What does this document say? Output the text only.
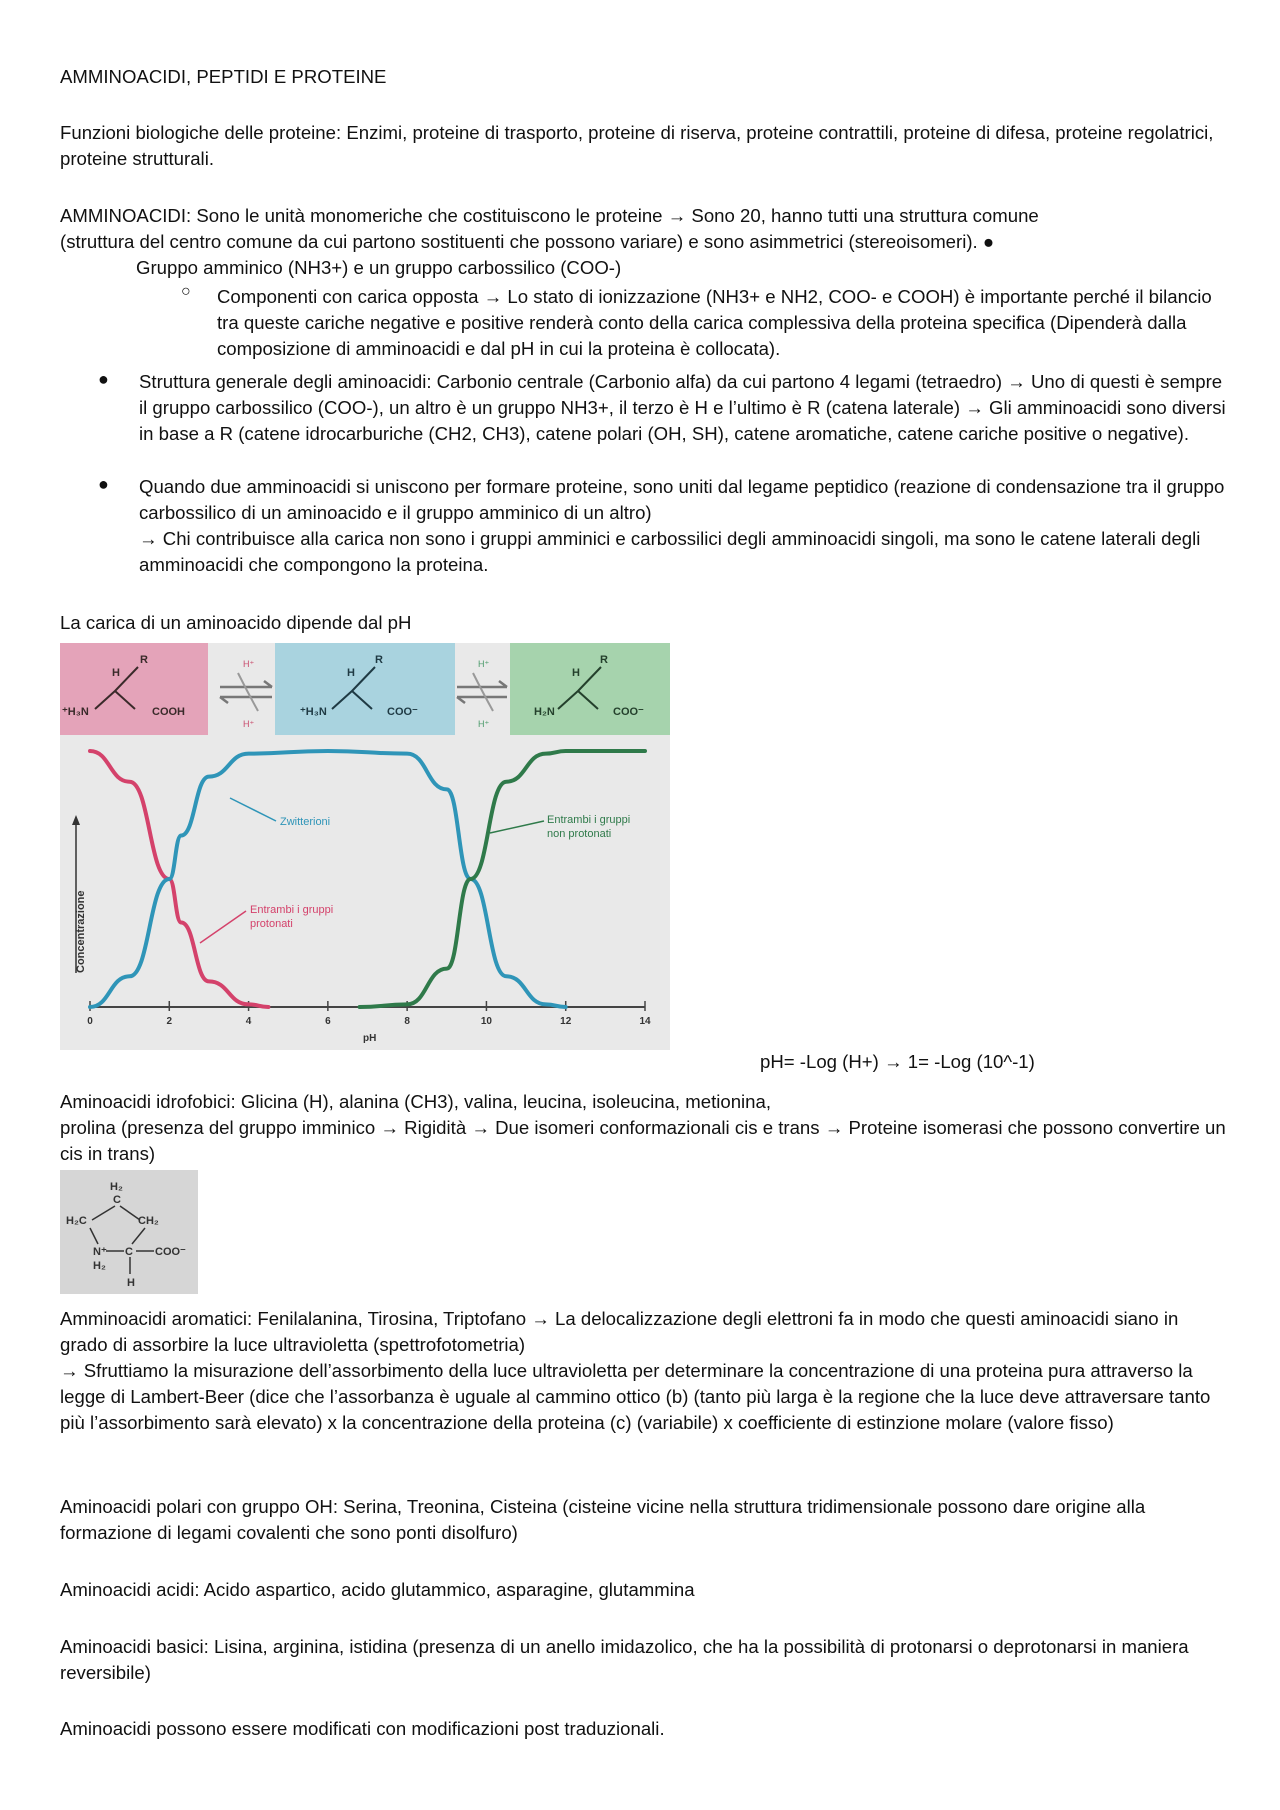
AMMINOACIDI, PEPTIDI E PROTEINE

Funzioni biologiche delle proteine: Enzimi, proteine di trasporto, proteine di riserva, proteine contrattili, proteine di difesa, proteine regolatrici, proteine strutturali.

AMMINOACIDI: Sono le unità monomeriche che costituiscono le proteine → Sono 20, hanno tutti una struttura comune

(struttura del centro comune da cui partono sostituenti che possono variare) e sono asimmetrici (stereoisomeri). ●

Gruppo amminico (NH3+) e un gruppo carbossilico (COO-)

○ Componenti con carica opposta → Lo stato di ionizzazione (NH3+ e NH2, COO- e COOH) è importante perché il bilancio tra queste cariche negative e positive renderà conto della carica complessiva della proteina specifica (Dipenderà dalla composizione di amminoacidi e dal pH in cui la proteina è collocata).

● Struttura generale degli aminoacidi: Carbonio centrale (Carbonio alfa) da cui partono 4 legami (tetraedro) → Uno di questi è sempre il gruppo carbossilico (COO-), un altro è un gruppo NH3+, il terzo è H e l’ultimo è R (catena laterale) → Gli amminoacidi sono diversi in base a R (catene idrocarburiche (CH2, CH3), catene polari (OH, SH), catene aromatiche, catene cariche positive o negative).

● Quando due amminoacidi si uniscono per formare proteine, sono uniti dal legame peptidico (reazione di condensazione tra il gruppo carbossilico di un aminoacido e il gruppo amminico di un altro)

→ Chi contribuisce alla carica non sono i gruppi amminici e carbossilici degli amminoacidi singoli, ma sono le catene laterali degli amminoacidi che compongono la proteina.

La carica di un aminoacido dipende dal pH

H
R
⁺H₃N	COOH
H
R
⁺H₃N	COO⁻
H
R
H₂N	COO⁻
H⁺
H⁺
H⁺
H⁺
0	2	4	6	8	10	12	14
pH
Concentrazione
Zwitterioni
Entrambi i gruppi
protonati
Entrambi i gruppi
non protonati

pH= -Log (H+) → 1= -Log (10^-1)

Aminoacidi idrofobici: Glicina (H), alanina (CH3), valina, leucina, isoleucina, metionina,

prolina (presenza del gruppo imminico → Rigidità → Due isomeri conformazionali cis e trans → Proteine isomerasi che possono convertire un cis in trans)

H₂
C
H₂C	CH₂
N⁺ C COO⁻
H₂
H

Amminoacidi aromatici: Fenilalanina, Tirosina, Triptofano → La delocalizzazione degli elettroni fa in modo che questi aminoacidi siano in grado di assorbire la luce ultravioletta (spettrofotometria)

→ Sfruttiamo la misurazione dell’assorbimento della luce ultravioletta per determinare la concentrazione di una proteina pura attraverso la legge di Lambert-Beer (dice che l’assorbanza è uguale al cammino ottico (b) (tanto più larga è la regione che la luce deve attraversare tanto più l’assorbimento sarà elevato) x la concentrazione della proteina (c) (variabile) x coefficiente di estinzione molare (valore fisso)

Aminoacidi polari con gruppo OH: Serina, Treonina, Cisteina (cisteine vicine nella struttura tridimensionale possono dare origine alla formazione di legami covalenti che sono ponti disolfuro)

Aminoacidi acidi: Acido aspartico, acido glutammico, asparagine, glutammina

Aminoacidi basici: Lisina, arginina, istidina (presenza di un anello imidazolico, che ha la possibilità di protonarsi o deprotonarsi in maniera reversibile)

Aminoacidi possono essere modificati con modificazioni post traduzionali.
